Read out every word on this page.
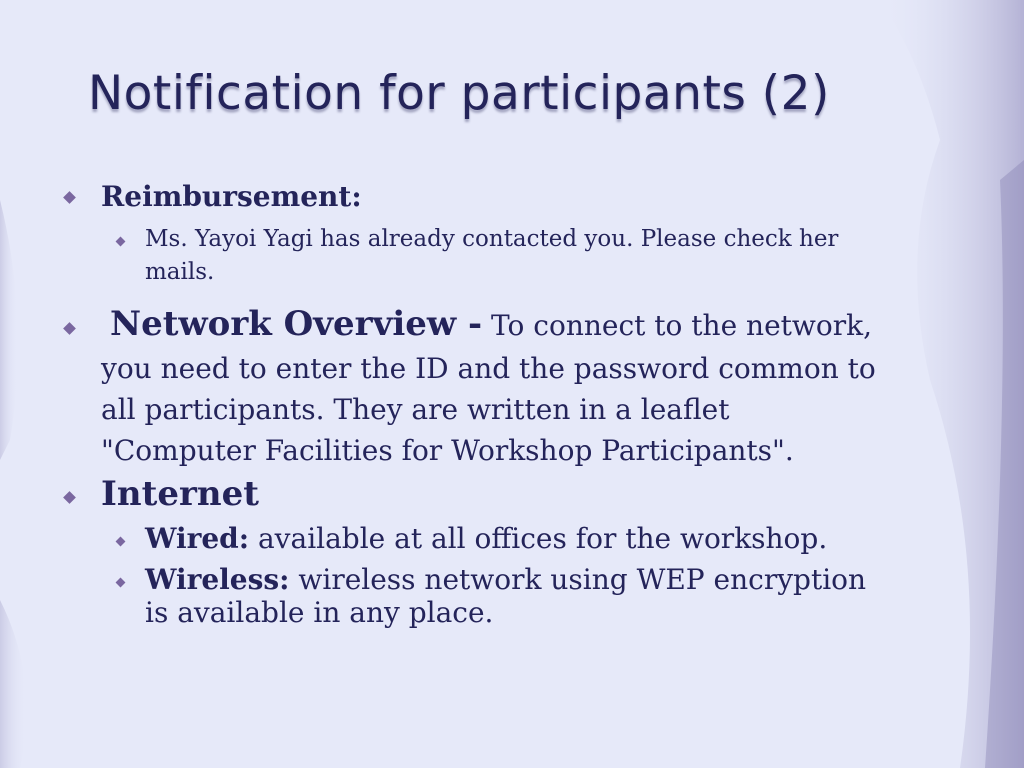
Notification for participants (2)
Reimbursement:
Ms. Yayoi Yagi has already contacted you. Please check her
mails.
Network Overview - To connect to the network,
you need to enter the ID and the password common to
all participants. They are written in a leaflet
"Computer Facilities for Workshop Participants".
Internet
Wired: available at all offices for the workshop.
Wireless: wireless network using WEP encryption
is available in any place.
